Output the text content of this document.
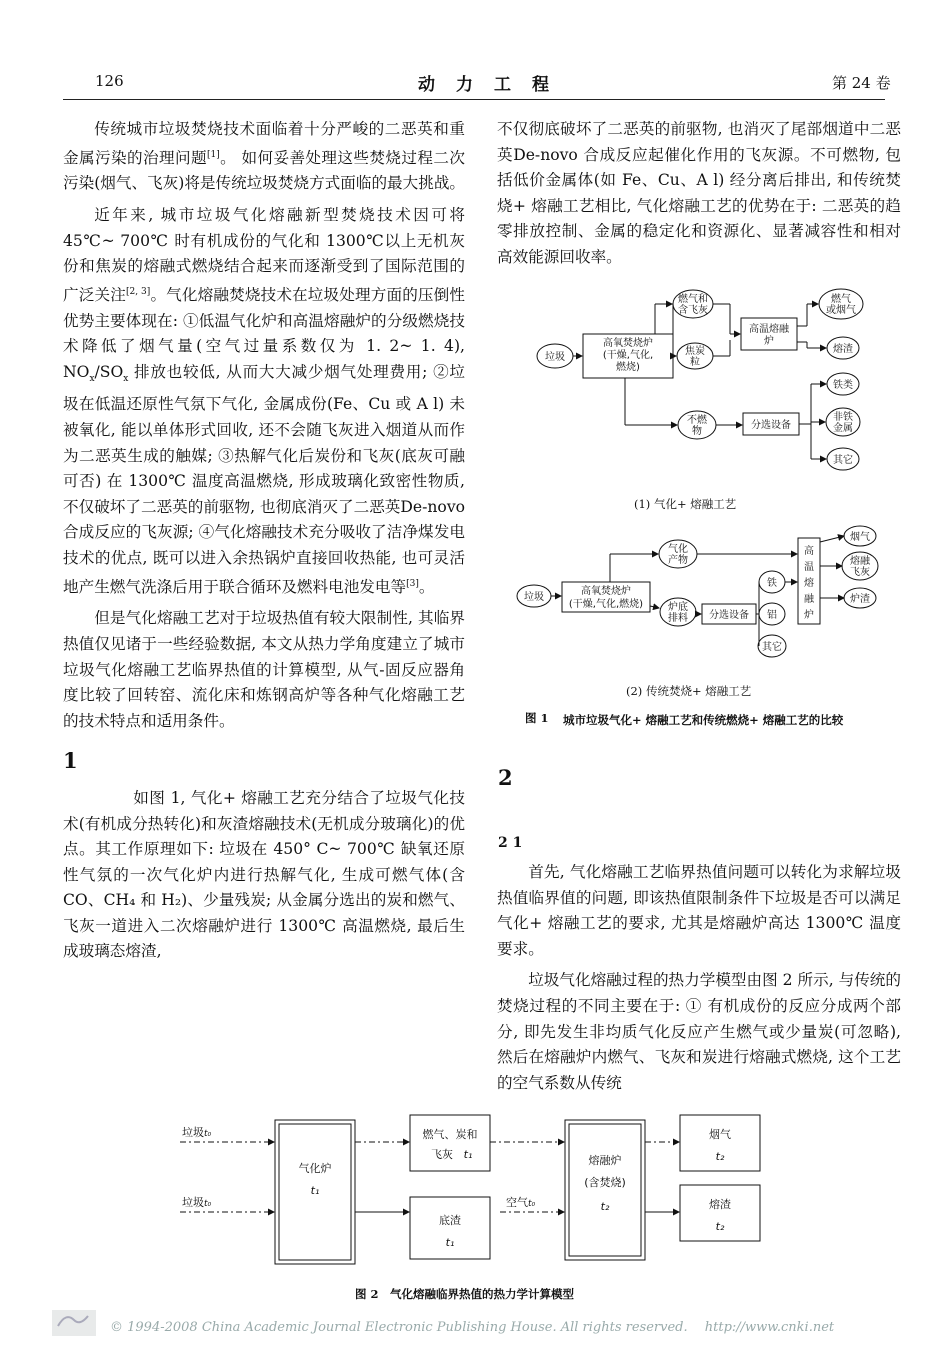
126	动　力　工　程	第 24 卷

传统城市垃圾焚烧技术面临着十分严峻的二恶英和重金属污染的治理问题[1]。 如何妥善处理这些焚烧过程二次污染(烟气、飞灰)将是传统垃圾焚烧方式面临的最大挑战。

近年来, 城市垃圾气化熔融新型焚烧技术因可将 45℃~ 700℃ 时有机成份的气化和 1300℃以上无机灰份和焦炭的熔融式燃烧结合起来而逐渐受到了国际范围的广泛关注[2, 3]。气化熔融焚烧技术在垃圾处理方面的压倒性优势主要体现在: ①低温气化炉和高温熔融炉的分级燃烧技术降低了烟气量(空气过量系数仅为 1. 2~ 1. 4), $NO_x/SO_x$ 排放也较低, 从而大大减少烟气处理费用; ②垃圾在低温还原性气氛下气化, 金属成份(Fe、Cu 或 A l) 未被氧化, 能以单体形式回收, 还不会随飞灰进入烟道从而作为二恶英生成的触媒; ③热解气化后炭份和飞灰(底灰可融可否) 在 1300℃ 温度高温燃烧, 形成玻璃化致密性物质, 不仅破坏了二恶英的前驱物, 也彻底消灭了二恶英De-novo 合成反应的飞灰源; ④气化熔融技术充分吸收了洁净煤发电技术的优点, 既可以进入余热锅炉直接回收热能, 也可灵活地产生燃气洗涤后用于联合循环及燃料电池发电等[3]。

但是气化熔融工艺对于垃圾热值有较大限制性, 其临界热值仅见诸于一些经验数据, 本文从热力学角度建立了城市垃圾气化熔融工艺临界热值的计算模型, 从气-固反应器角度比较了回转窑、流化床和炼钢高炉等各种气化熔融工艺的技术特点和适用条件。

1

如图 1, 气化+ 熔融工艺充分结合了垃圾气化技术(有机成分热转化)和灰渣熔融技术(无机成分玻璃化)的优点。其工作原理如下: 垃圾在 450° C~ 700℃ 缺氧还原性气氛的一次气化炉内进行热解气化, 生成可燃气体(含 CO、CH₄ 和 H₂)、少量残炭; 从金属分选出的炭和燃气、飞灰一道进入二次熔融炉进行 1300℃ 高温燃烧, 最后生成玻璃态熔渣,

不仅彻底破坏了二恶英的前驱物, 也消灭了尾部烟道中二恶英De-novo 合成反应起催化作用的飞灰源。不可燃物, 包括低价金属体(如 Fe、Cu、A l) 经分离后排出, 和传统焚烧+ 熔融工艺相比, 气化熔融工艺的优势在于: 二恶英的趋零排放控制、金属的稳定化和资源化、显著减容性和相对高效能源回收率。

垃圾
高氧焚烧炉
(干燥,气化,
燃烧)
燃气和
含飞灰
焦炭
粒
不燃
物
高温熔融
炉
燃气
或烟气
熔渣
分选设备
铁类
非铁
金属
其它
(1) 气化+ 熔融工艺
垃圾
高氧焚烧炉
(干燥,气化,燃烧)
气化
产物
炉底
排料 分选设备
铁
铝
其它
高
温
熔
融
炉
烟气
熔融
飞灰
炉渣
(2) 传统焚烧+ 熔融工艺
图 1 城市垃圾气化+ 熔融工艺和传统燃烧+ 熔融工艺的比较
2
2 1

首先, 气化熔融工艺临界热值问题可以转化为求解垃圾热值临界值的问题, 即该热值限制条件下垃圾是否可以满足气化+ 熔融工艺的要求, 尤其是熔融炉高达 1300℃ 温度要求。

垃圾气化熔融过程的热力学模型由图 2 所示, 与传统的焚烧过程的不同主要在于: ① 有机成份的反应分成两个部分, 即先发生非均质气化反应产生燃气或少量炭(可忽略), 然后在熔融炉内燃气、飞灰和炭进行熔融式燃烧, 这个工艺的空气系数从传统

垃圾t₀
垃圾t₀
气化炉
t₁
燃气、炭和
飞灰 t₁
底渣
t₁
空气t₀
熔融炉
(含焚烧)
t₂
烟气
t₂
熔渣
t₂
图 2 气化熔融临界热值的热力学计算模型
© 1994-2008 China Academic Journal Electronic Publishing House. All rights reserved.　 http://www.cnki.net
